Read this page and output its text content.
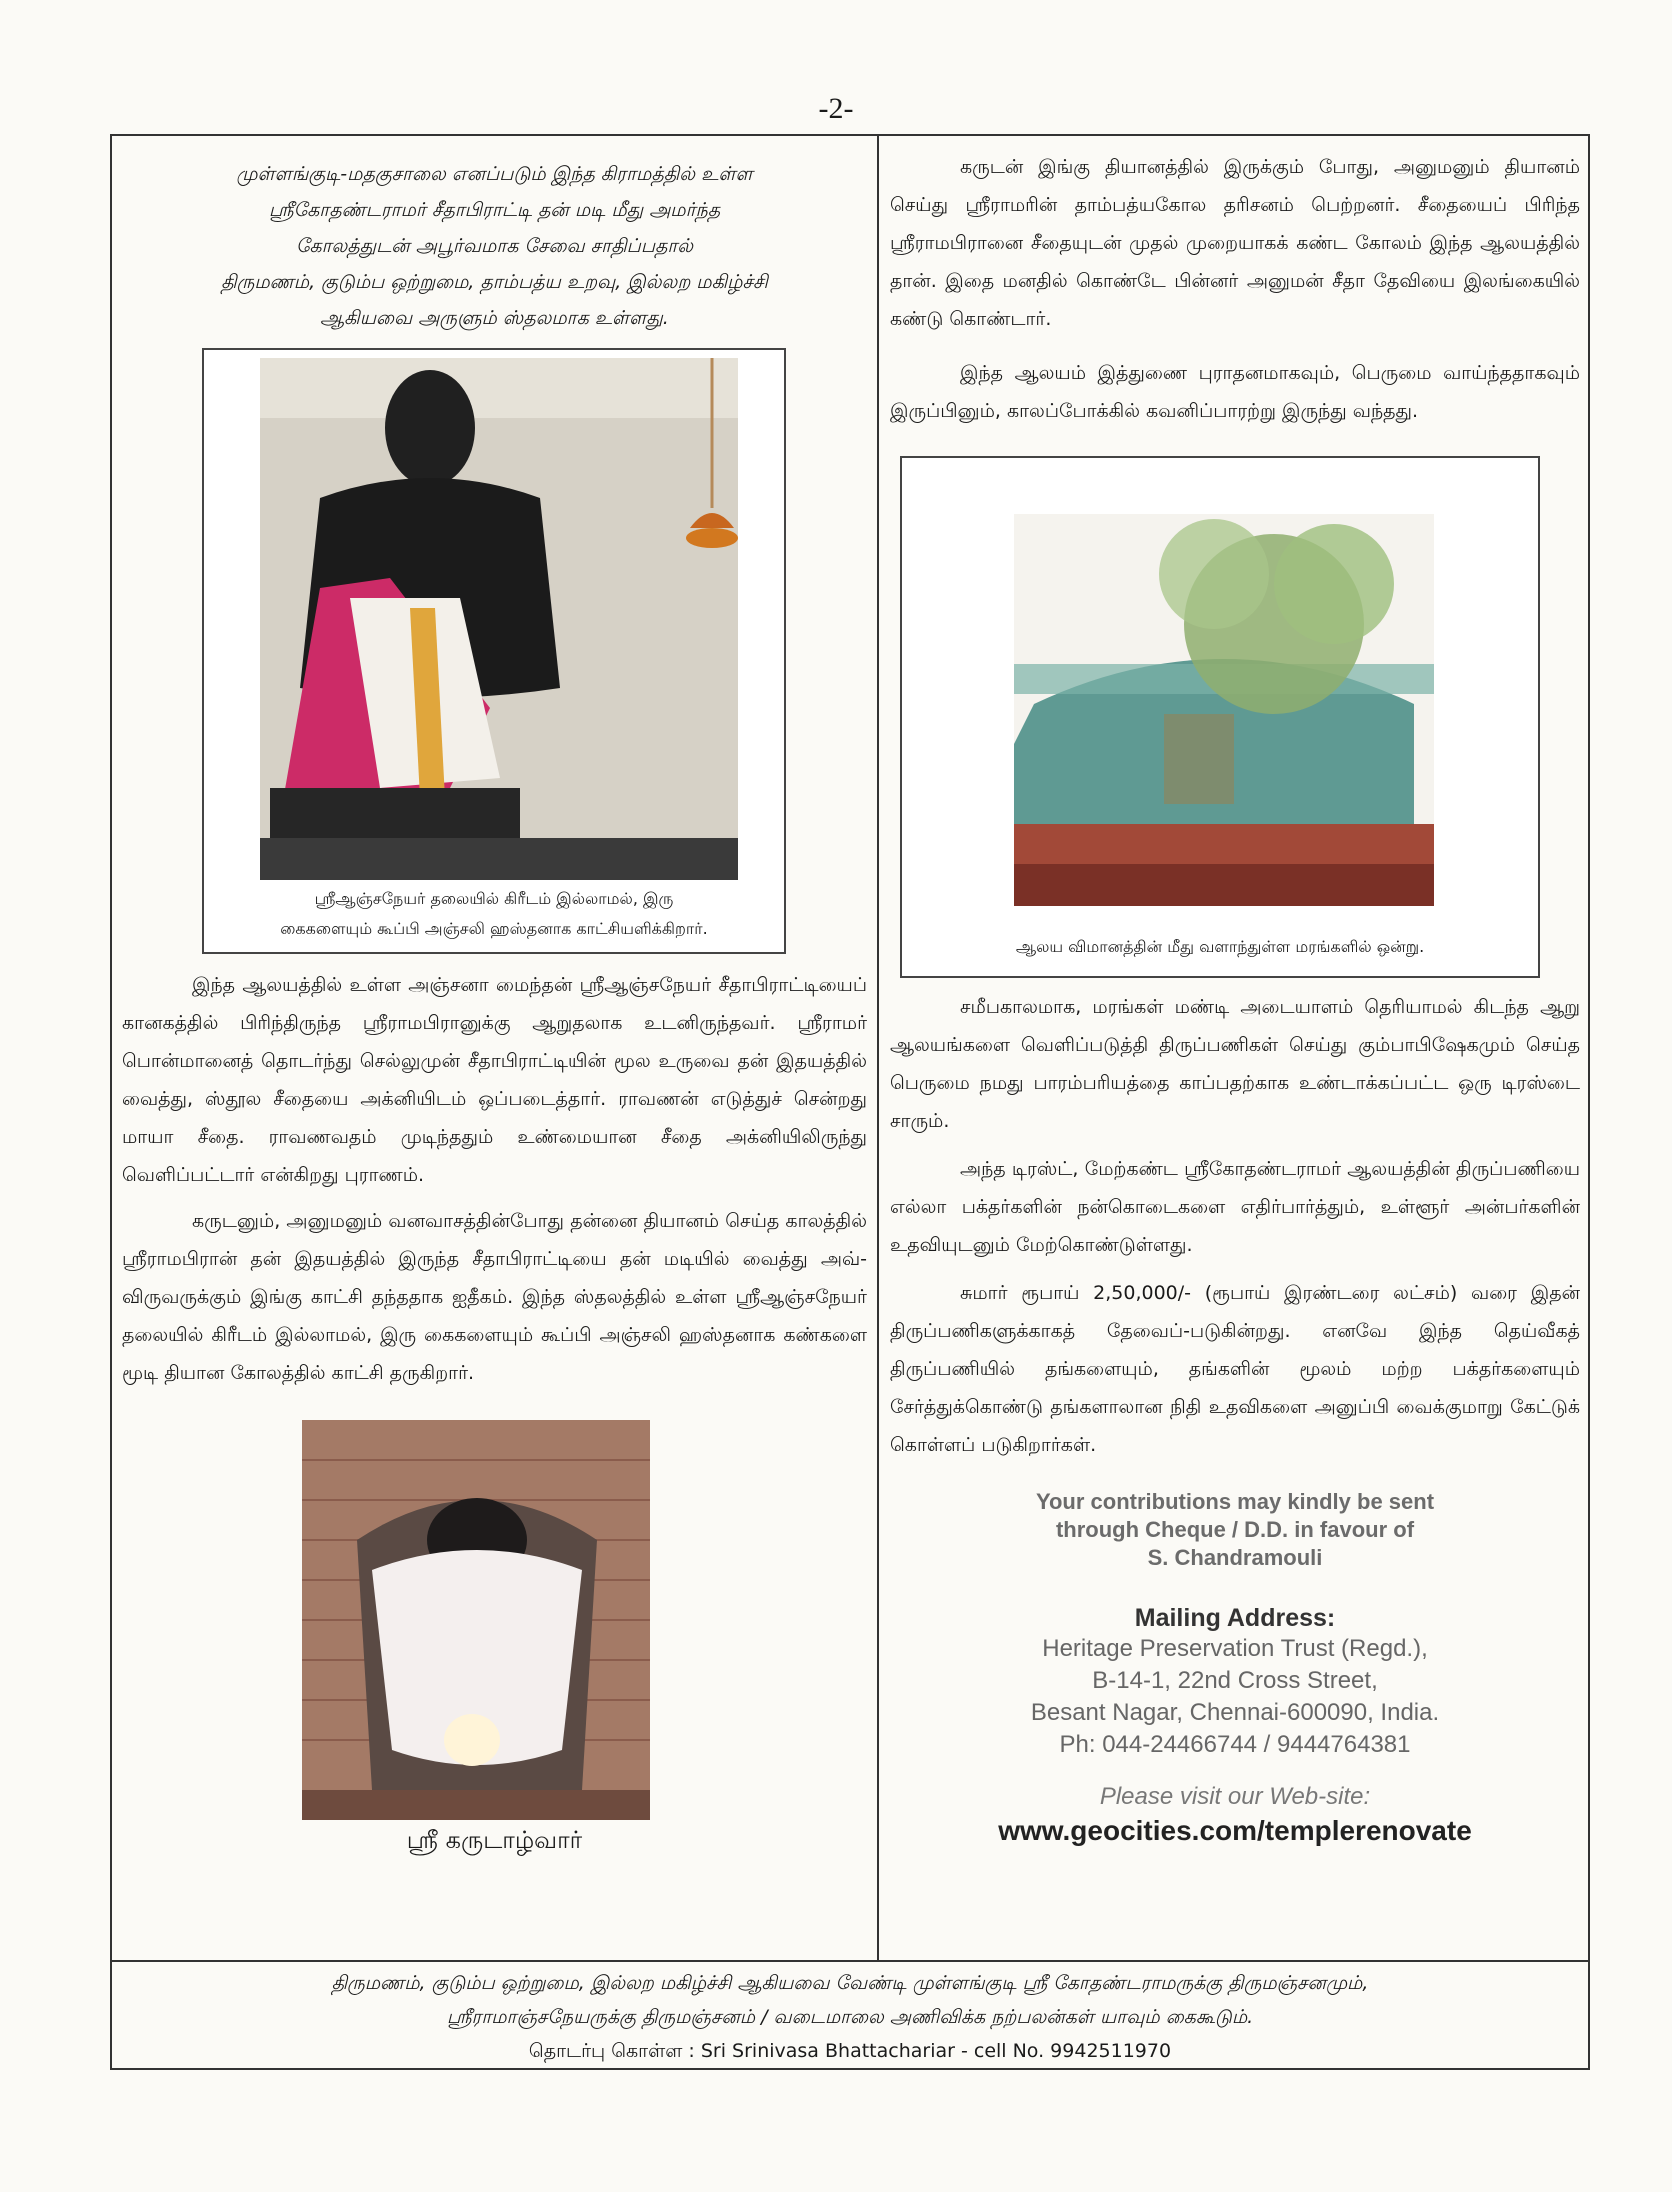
-2-

முள்ளங்குடி-மதகுசாலை எனப்படும் இந்த கிராமத்தில் உள்ள

ஸ்ரீகோதண்டராமர் சீதாபிராட்டி தன் மடி மீது அமர்ந்த

கோலத்துடன் அபூர்வமாக சேவை சாதிப்பதால்

திருமணம், குடும்ப ஒற்றுமை, தாம்பத்ய உறவு, இல்லற மகிழ்ச்சி

ஆகியவை அருளும் ஸ்தலமாக உள்ளது.

ஸ்ரீஆஞ்சநேயர் தலையில் கிரீடம் இல்லாமல், இரு
கைகளையும் கூப்பி அஞ்சலி ஹஸ்தனாக காட்சியளிக்கிறார்.

இந்த ஆலயத்தில் உள்ள அஞ்சனா மைந்தன் ஸ்ரீஆஞ்சநேயர் சீதாபிராட்டியைப் கானகத்தில் பிரிந்திருந்த ஸ்ரீராமபிரானுக்கு ஆறுதலாக உடனிருந்தவர். ஸ்ரீராமர் பொன்மானைத் தொடர்ந்து செல்லுமுன் சீதாபிராட்டியின் மூல உருவை தன் இதயத்தில் வைத்து, ஸ்தூல சீதையை அக்னியிடம் ஒப்படைத்தார். ராவணன் எடுத்துச் சென்றது மாயா சீதை. ராவணவதம் முடிந்ததும் உண்மையான சீதை அக்னியிலிருந்து வெளிப்பட்டார் என்கிறது புராணம்.

கருடனும், அனுமனும் வனவாசத்தின்போது தன்னை தியானம் செய்த காலத்தில் ஸ்ரீராமபிரான் தன் இதயத்தில் இருந்த சீதாபிராட்டியை தன் மடியில் வைத்து அவ்-விருவருக்கும் இங்கு காட்சி தந்ததாக ஐதீகம். இந்த ஸ்தலத்தில் உள்ள ஸ்ரீஆஞ்சநேயர் தலையில் கிரீடம் இல்லாமல், இரு கைகளையும் கூப்பி அஞ்சலி ஹஸ்தனாக கண்களை மூடி தியான கோலத்தில் காட்சி தருகிறார்.

ஸ்ரீ கருடாழ்வார்

கருடன் இங்கு தியானத்தில் இருக்கும் போது, அனுமனும் தியானம் செய்து ஸ்ரீராமரின் தாம்பத்யகோல தரிசனம் பெற்றனர். சீதையைப் பிரிந்த ஸ்ரீராமபிரானை சீதையுடன் முதல் முறையாகக் கண்ட கோலம் இந்த ஆலயத்தில் தான். இதை மனதில் கொண்டே பின்னர் அனுமன் சீதா தேவியை இலங்கையில் கண்டு கொண்டார்.

இந்த ஆலயம் இத்துணை புராதனமாகவும், பெருமை வாய்ந்ததாகவும் இருப்பினும், காலப்போக்கில் கவனிப்பாரற்று இருந்து வந்தது.

ஆலய விமானத்தின் மீது வளாந்துள்ள மரங்களில் ஒன்று.

சமீபகாலமாக, மரங்கள் மண்டி அடையாளம் தெரியாமல் கிடந்த ஆறு ஆலயங்களை வெளிப்படுத்தி திருப்பணிகள் செய்து கும்பாபிஷேகமும் செய்த பெருமை நமது பாரம்பரியத்தை காப்பதற்காக உண்டாக்கப்பட்ட ஒரு டிரஸ்டை சாரும்.

அந்த டிரஸ்ட், மேற்கண்ட ஸ்ரீகோதண்டராமர் ஆலயத்தின் திருப்பணியை எல்லா பக்தர்களின் நன்கொடைகளை எதிர்பார்த்தும், உள்ளூர் அன்பர்களின் உதவியுடனும் மேற்கொண்டுள்ளது.

சுமார் ரூபாய் 2,50,000/- (ரூபாய் இரண்டரை லட்சம்) வரை இதன் திருப்பணிகளுக்காகத் தேவைப்-படுகின்றது. எனவே இந்த தெய்வீகத் திருப்பணியில் தங்களையும், தங்களின் மூலம் மற்ற பக்தர்களையும் சேர்த்துக்கொண்டு தங்களாலான நிதி உதவிகளை அனுப்பி வைக்குமாறு கேட்டுக் கொள்ளப் படுகிறார்கள்.

Your contributions may kindly be sent
through Cheque / D.D. in favour of
S. Chandramouli
Mailing Address:
Heritage Preservation Trust (Regd.),
B-14-1, 22nd Cross Street,
Besant Nagar, Chennai-600090, India.
Ph: 044-24466744 / 9444764381
Please visit our Web-site:
www.geocities.com/templerenovate
திருமணம், குடும்ப ஒற்றுமை, இல்லற மகிழ்ச்சி ஆகியவை வேண்டி முள்ளங்குடி ஸ்ரீ கோதண்டராமருக்கு திருமஞ்சனமும்,
ஸ்ரீராமாஞ்சநேயருக்கு திருமஞ்சனம் / வடைமாலை அணிவிக்க நற்பலன்கள் யாவும் கைகூடும்.
தொடர்பு கொள்ள : Sri Srinivasa Bhattachariar - cell No. 9942511970
